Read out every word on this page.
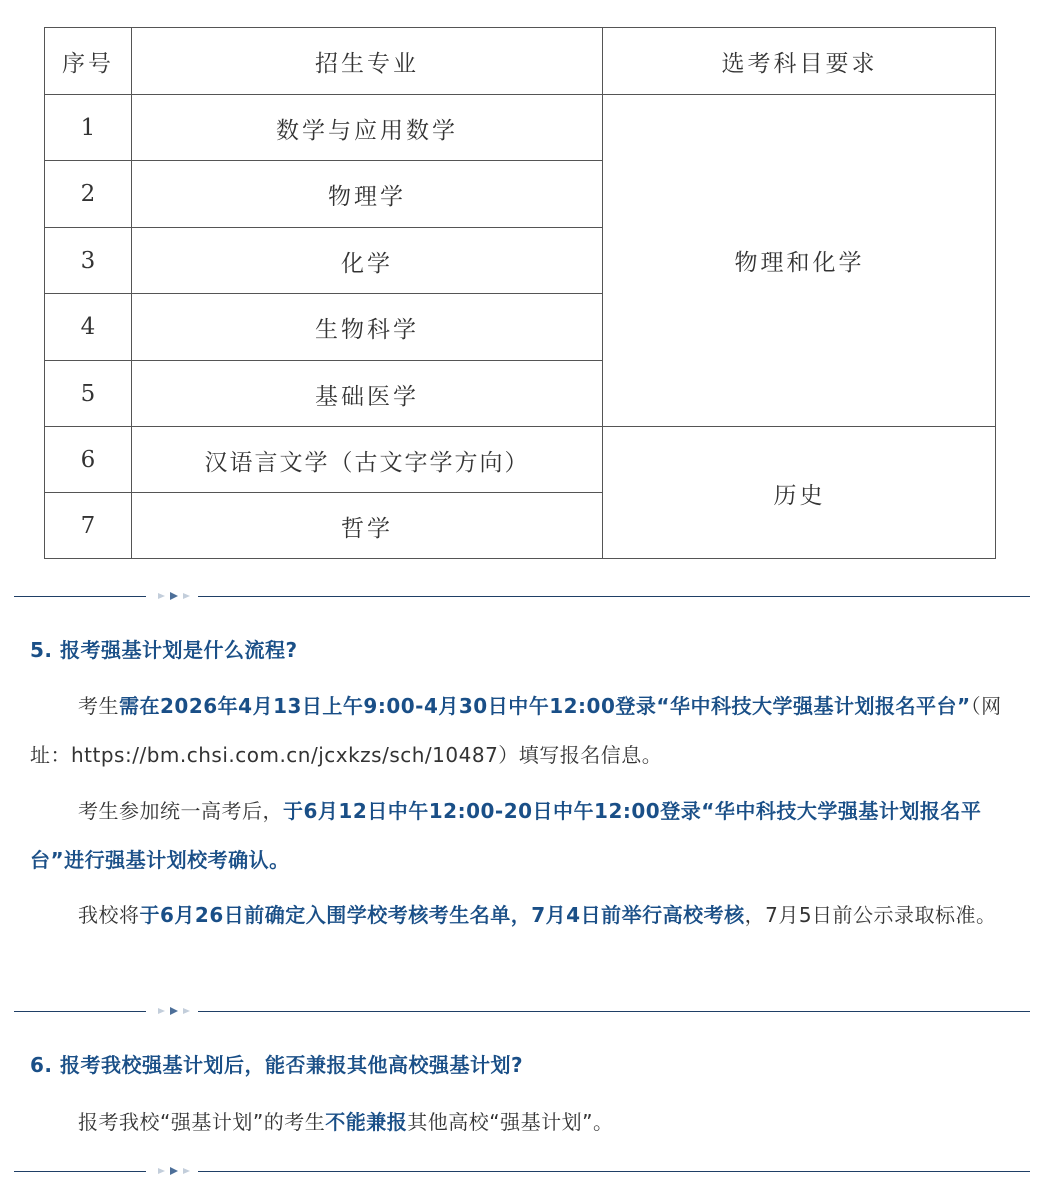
序号	招生专业	选考科目要求
1
2
3
4
5
6
7
数学与应用数学
物理学
化学
生物科学
基础医学
汉语言文学（古文字学方向）
哲学
物理和化学
历史
5. 报考强基计划是什么流程?
考生需在2026年4月13日上午9:00-4月30日中午12:00登录“华中科技大学强基计划报名平台”（网址：https://bm.chsi.com.cn/jcxkzs/sch/10487）填写报名信息。
考生参加统一高考后，于6月12日中午12:00-20日中午12:00登录“华中科技大学强基计划报名平台”进行强基计划校考确认。
我校将于6月26日前确定入围学校考核考生名单，7月4日前举行高校考核，7月5日前公示录取标准。
6. 报考我校强基计划后，能否兼报其他高校强基计划?
报考我校“强基计划”的考生不能兼报其他高校“强基计划”。
